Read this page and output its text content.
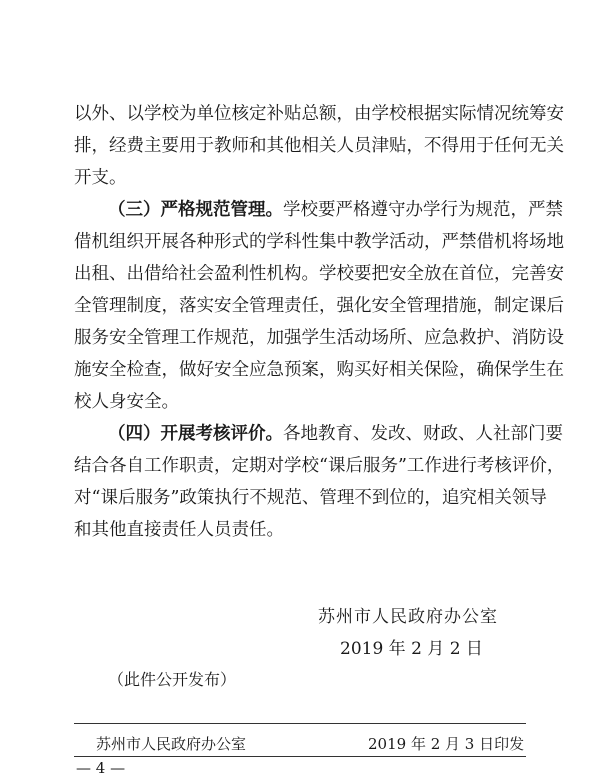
以外、以学校为单位核定补贴总额，由学校根据实际情况统筹安
排，经费主要用于教师和其他相关人员津贴，不得用于任何无关
开支。
（三）严格规范管理。学校要严格遵守办学行为规范，严禁
借机组织开展各种形式的学科性集中教学活动，严禁借机将场地
出租、出借给社会盈利性机构。学校要把安全放在首位，完善安
全管理制度，落实安全管理责任，强化安全管理措施，制定课后
服务安全管理工作规范，加强学生活动场所、应急救护、消防设
施安全检查，做好安全应急预案，购买好相关保险，确保学生在
校人身安全。
（四）开展考核评价。各地教育、发改、财政、人社部门要
结合各自工作职责，定期对学校“课后服务”工作进行考核评价，
对“课后服务”政策执行不规范、管理不到位的，追究相关领导
和其他直接责任人员责任。
苏州市人民政府办公室
2019 年 2 月 2 日
（此件公开发布）
苏州市人民政府办公室	2019 年 2 月 3 日印发
— 4 —
